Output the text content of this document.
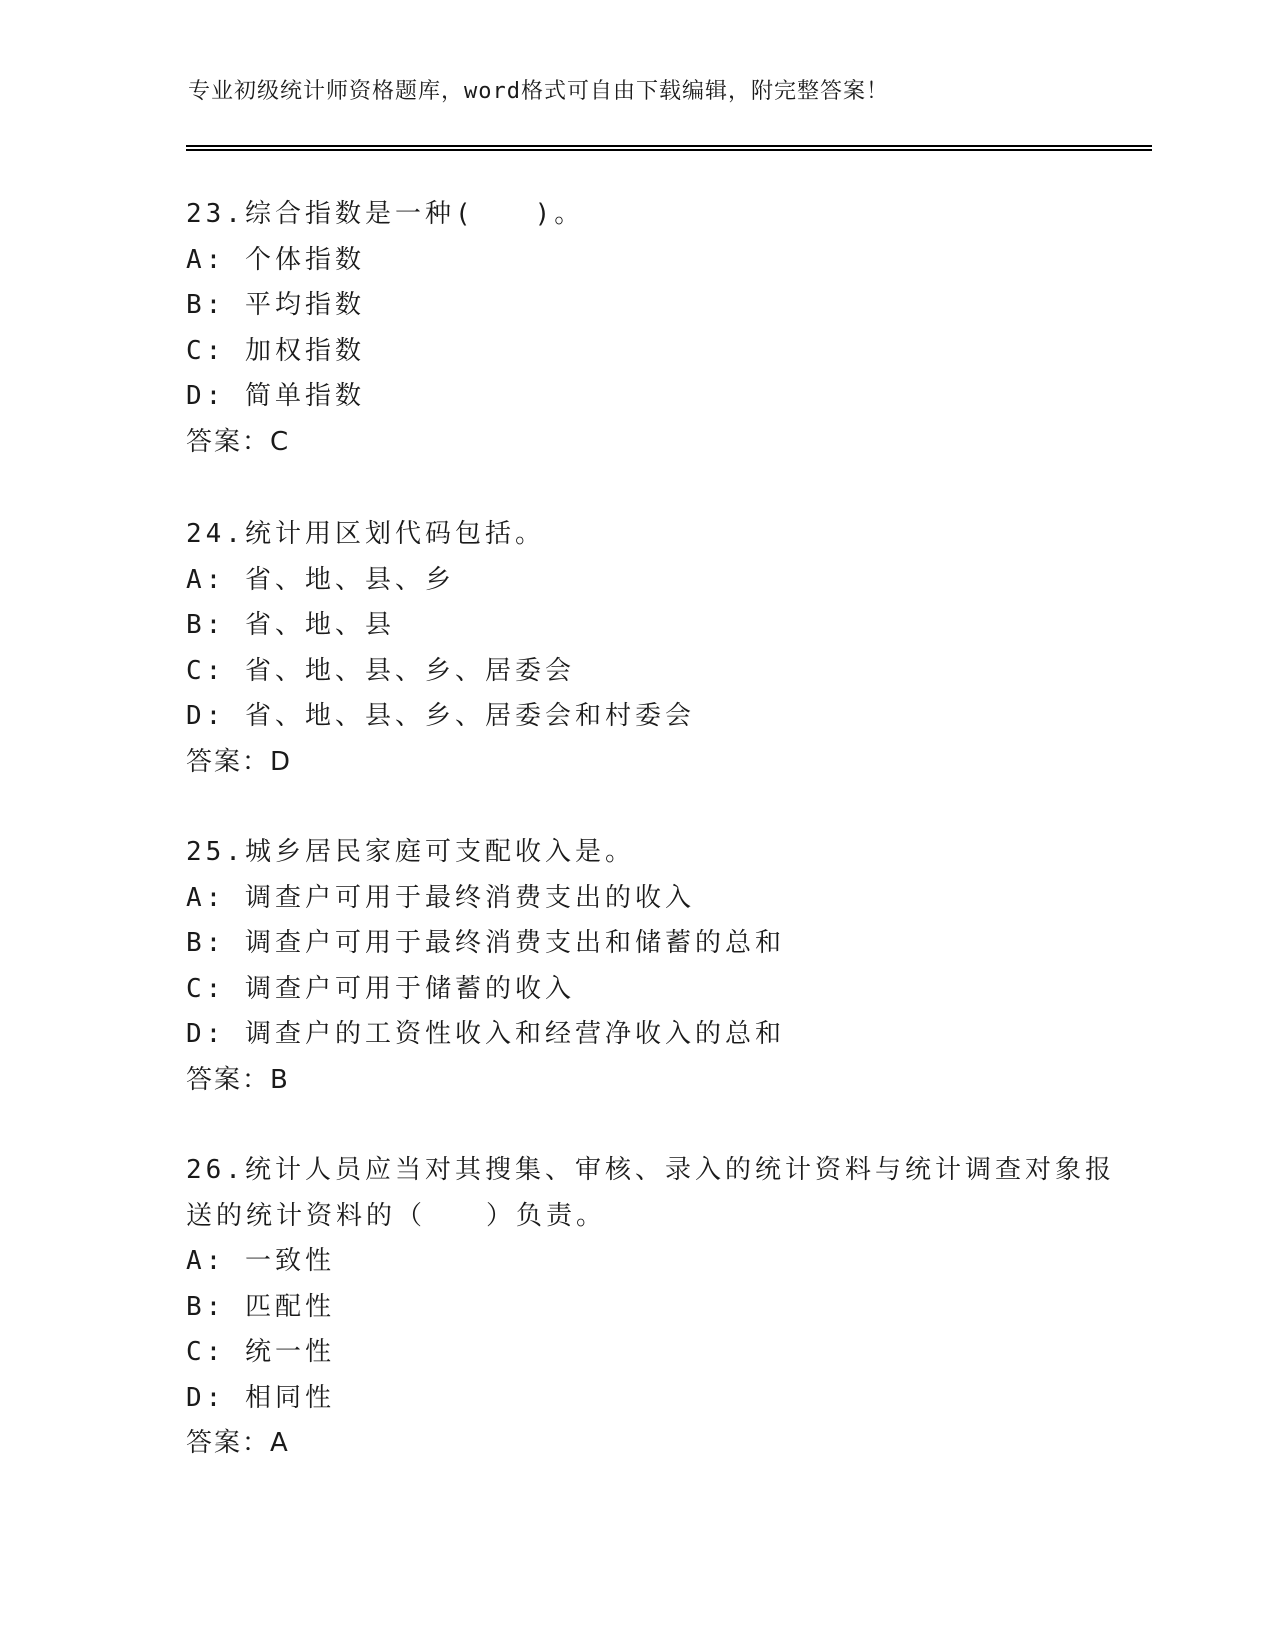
专业初级统计师资格题库，word格式可自由下载编辑，附完整答案！
23.综合指数是一种(　　)。
A: 个体指数
B: 平均指数
C: 加权指数
D: 简单指数
答案：C
24.统计用区划代码包括。
A: 省、地、县、乡
B: 省、地、县
C: 省、地、县、乡、居委会
D: 省、地、县、乡、居委会和村委会
答案：D
25.城乡居民家庭可支配收入是。
A: 调查户可用于最终消费支出的收入
B: 调查户可用于最终消费支出和储蓄的总和
C: 调查户可用于储蓄的收入
D: 调查户的工资性收入和经营净收入的总和
答案：B
26.统计人员应当对其搜集、审核、录入的统计资料与统计调查对象报
送的统计资料的（　　）负责。
A: 一致性
B: 匹配性
C: 统一性
D: 相同性
答案：A
